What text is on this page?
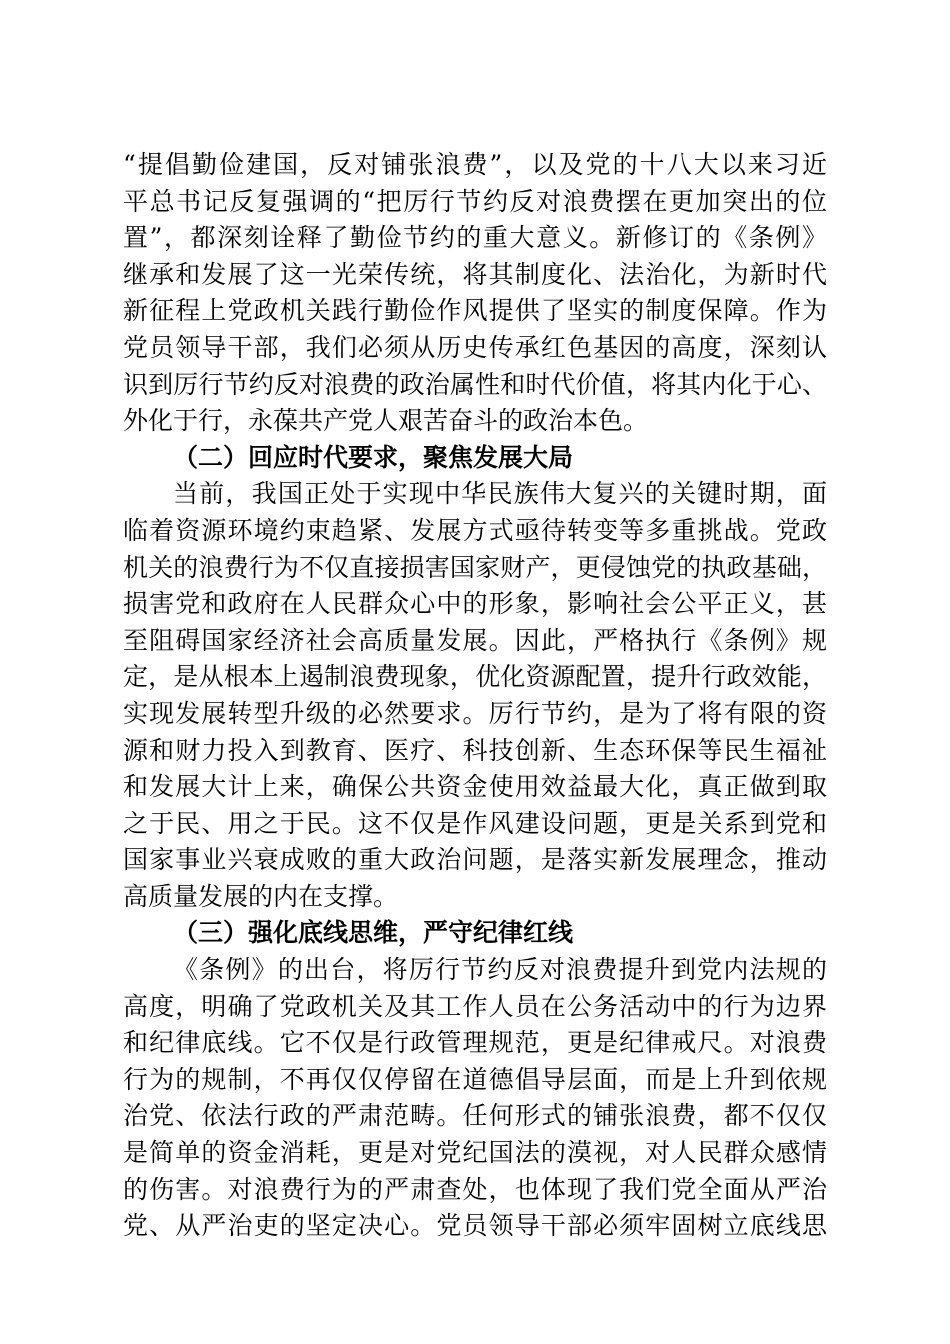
“提倡勤俭建国，反对铺张浪费”，以及党的十八大以来习近
平总书记反复强调的“把厉行节约反对浪费摆在更加突出的位
置”，都深刻诠释了勤俭节约的重大意义。新修订的《条例》
继承和发展了这一光荣传统，将其制度化、法治化，为新时代
新征程上党政机关践行勤俭作风提供了坚实的制度保障。作为
党员领导干部，我们必须从历史传承红色基因的高度，深刻认
识到厉行节约反对浪费的政治属性和时代价值，将其内化于心、
外化于行，永葆共产党人艰苦奋斗的政治本色。
（二）回应时代要求，聚焦发展大局
当前，我国正处于实现中华民族伟大复兴的关键时期，面
临着资源环境约束趋紧、发展方式亟待转变等多重挑战。党政
机关的浪费行为不仅直接损害国家财产，更侵蚀党的执政基础，
损害党和政府在人民群众心中的形象，影响社会公平正义，甚
至阻碍国家经济社会高质量发展。因此，严格执行《条例》规
定，是从根本上遏制浪费现象，优化资源配置，提升行政效能，
实现发展转型升级的必然要求。厉行节约，是为了将有限的资
源和财力投入到教育、医疗、科技创新、生态环保等民生福祉
和发展大计上来，确保公共资金使用效益最大化，真正做到取
之于民、用之于民。这不仅是作风建设问题，更是关系到党和
国家事业兴衰成败的重大政治问题，是落实新发展理念，推动
高质量发展的内在支撑。
（三）强化底线思维，严守纪律红线
《条例》的出台，将厉行节约反对浪费提升到党内法规的
高度，明确了党政机关及其工作人员在公务活动中的行为边界
和纪律底线。它不仅是行政管理规范，更是纪律戒尺。对浪费
行为的规制，不再仅仅停留在道德倡导层面，而是上升到依规
治党、依法行政的严肃范畴。任何形式的铺张浪费，都不仅仅
是简单的资金消耗，更是对党纪国法的漠视，对人民群众感情
的伤害。对浪费行为的严肃查处，也体现了我们党全面从严治
党、从严治吏的坚定决心。党员领导干部必须牢固树立底线思
